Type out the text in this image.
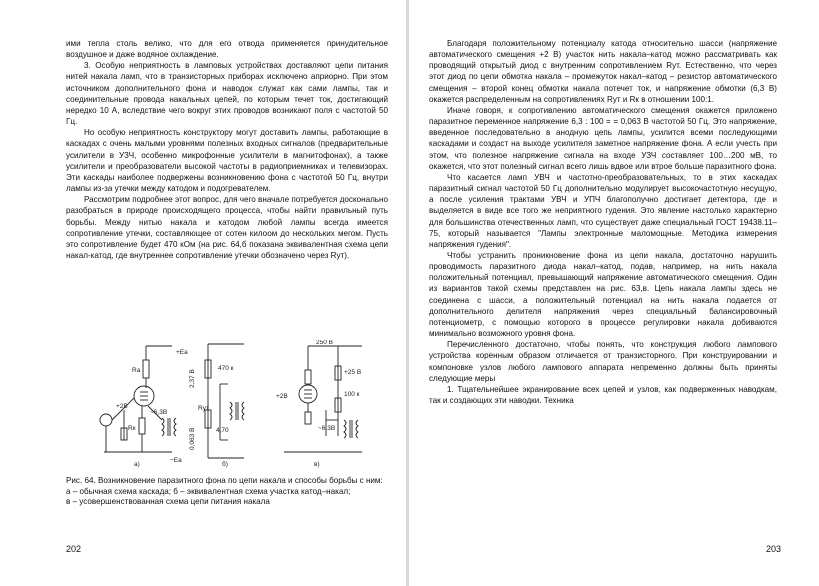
ими тепла столь велико, что для его отвода применяется принудительное воздушное и даже водяное охлаждение.

3. Особую неприятность в ламповых устройствах доставляют цепи питания нитей накала ламп, что в транзисторных приборах исключено априорно. При этом источником дополнительного фона и наводок служат как сами лампы, так и соединительные провода накальных цепей, по которым течет ток, достигающий нередко 10 А, вследствие чего вокруг этих проводов возникают поля с частотой 50 Гц.

Но особую неприятность конструктору могут доставить лампы, работающие в каскадах с очень малыми уровнями полезных входных сигналов (предварительные усилители в УЗЧ, особенно микрофонные усилители в магнитофонах), а также усилители и преобразователи высокой частоты в радиоприемниках и телевизорах. Эти каскады наиболее подвержены возникновению фона с частотой 50 Гц, внутри лампы из-за утечки между катодом и подогревателем.

Рассмотрим подробнее этот вопрос, для чего вначале потребуется досконально разобраться в природе происходящего процесса, чтобы найти правильный путь борьбы. Между нитью накала и катодом любой лампы всегда имеется сопротивление утечки, составляющее от сотен килоом до нескольких мегом. Пусть это сопротивление будет 470 кОм (на рис. 64,б показана эквивалентная схема цепи накал-катод, где внутреннее сопротивление утечки обозначено через Rут).

а)	б)	в)
+Eа
−Eа
Rа
Rк
+2В
~6,3В
2,37 В
0,063 В
470 к
Rут
4,70
250 В
+25 В
100 к
+2В
~6,3В

Рис. 64. Возникновение паразитного фона по цепи накала и способы борьбы с ним:

а – обычная схема каскада; б – эквивалентная схема участка катод–накал;

в – усовершенствованная схема цепи питания накала

202

Благодаря положительному потенциалу катода относительно шасси (напряжение автоматического смещения +2 В) участок нить накала–катод можно рассматривать как проводящий открытый диод с внутренним сопротивлением Rут. Естественно, что через этот диод по цепи обмотка накала – промежуток накал–катод – резистор автоматического смещения – второй конец обмотки накала потечет ток, и напряжение обмотки (6,3 В) окажется распределенным на сопротивлениях Rут и Rк в отношении 100:1.

Иначе говоря, к сопротивлению автоматического смещения окажется приложено паразитное переменное напряжение 6,3 : 100 = = 0,063 В частотой 50 Гц. Это напряжение, введенное последовательно в анодную цепь лампы, усилится всеми последующими каскадами и создаст на выходе усилителя заметное напряжение фона. А если учесть при этом, что полезное напряжение сигнала на входе УЗЧ составляет 100…200 мВ, то окажется, что этот полезный сигнал всего лишь вдвое или втрое больше паразитного фона.

Что касается ламп УВЧ и частотно-преобразовательных, то в этих каскадах паразитный сигнал частотой 50 Гц дополнительно модулирует высокочастотную несущую, а после усиления трактами УВЧ и УПЧ благополучно достигает детектора, где и выделяется в виде все того же неприятного гудения. Это явление настолько характерно для большинства отечественных ламп, что существует даже специальный ГОСТ 19438.11–75, который называется "Лампы электронные маломощные. Методика измерения напряжения гудения".

Чтобы устранить проникновение фона из цепи накала, достаточно нарушить проводимость паразитного диода накал–катод, подав, например, на нить накала положительный потенциал, превышающий напряжение автоматического смещения. Один из вариантов такой схемы представлен на рис. 63,в. Цепь накала лампы здесь не соединена с шасси, а положительный потенциал на нить накала подается от дополнительного делителя напряжения через специальный балансировочный потенциометр, с помощью которого в процессе регулировки накала добиваются минимально возможного уровня фона.

Перечисленного достаточно, чтобы понять, что конструкция любого лампового устройства коренным образом отличается от транзисторного. При конструировании и компоновке узлов любого лампового аппарата непременно должны быть приняты следующие меры

1. Тщательнейшее экранирование всех цепей и узлов, как подверженных наводкам, так и создающих эти наводки. Техника

203
